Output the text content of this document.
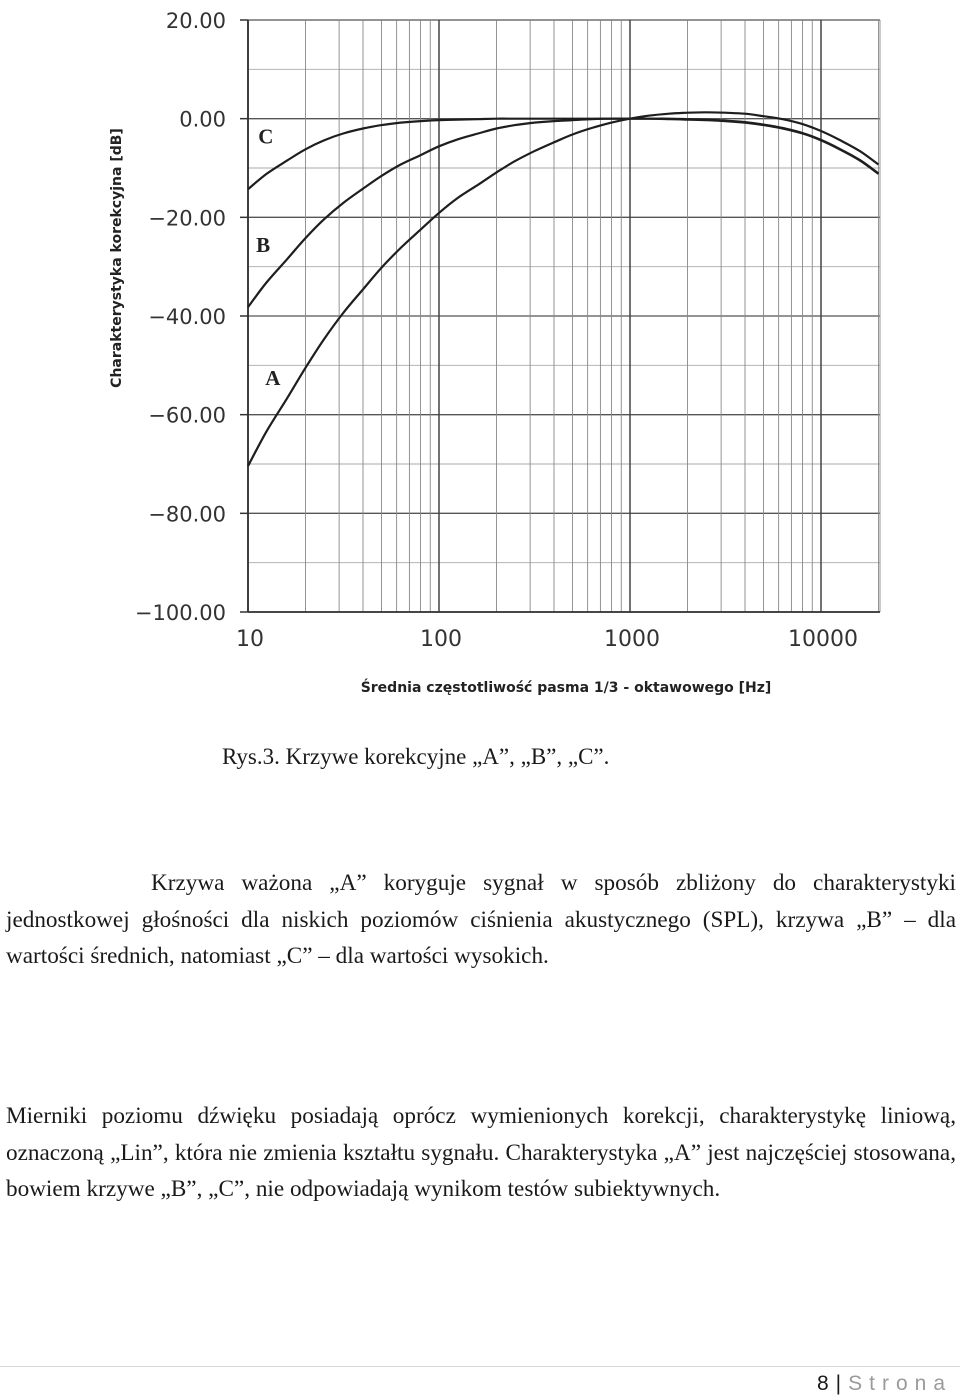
20.00
0.00
−20.00
−40.00
−60.00
−80.00
−100.00
10	100	1000	10000
A
B
C
Charakterystyka korekcyjna [dB]
Średnia częstotliwość pasma 1/3 - oktawowego [Hz]
Rys.3. Krzywe korekcyjne „A”, „B”, „C”.

Krzywa ważona „A” koryguje sygnał w sposób zbliżony do charakterystyki jednostkowej głośności dla niskich poziomów ciśnienia akustycznego (SPL), krzywa „B” – dla wartości średnich, natomiast „C” – dla wartości wysokich.

Mierniki poziomu dźwięku posiadają oprócz wymienionych korekcji, charakterystykę liniową, oznaczoną „Lin”, która nie zmienia kształtu sygnału. Charakterystyka „A” jest najczęściej stosowana, bowiem krzywe „B”, „C”, nie odpowiadają wynikom testów subiektywnych.

8 | Strona
